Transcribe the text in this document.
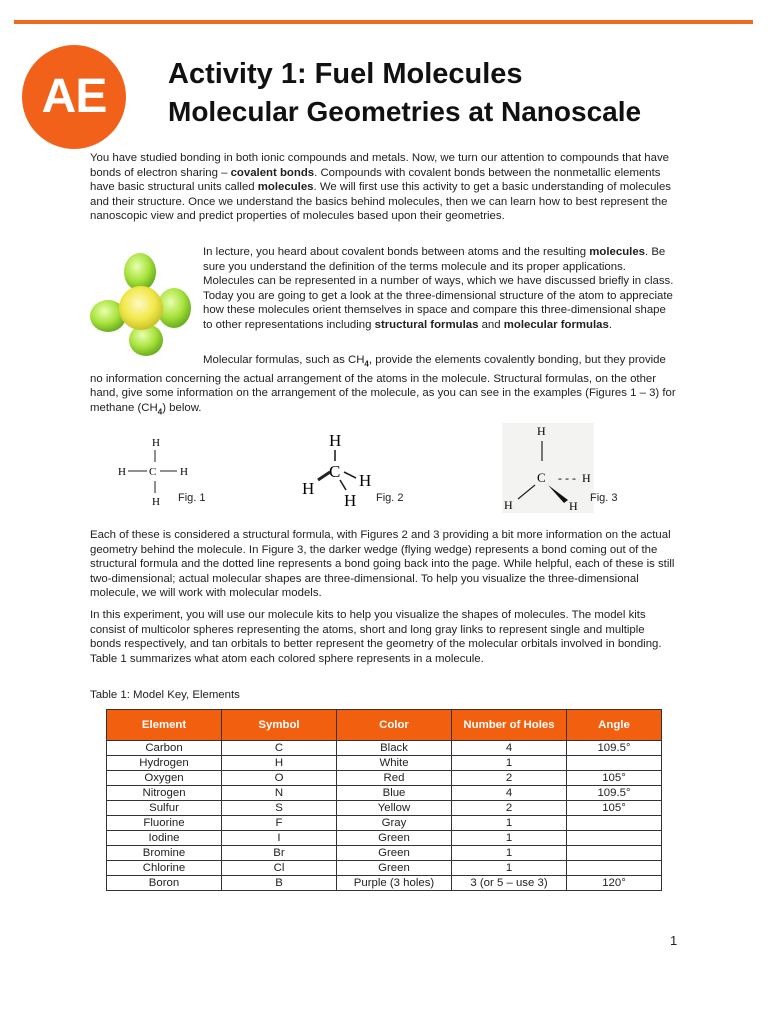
AE	Activity 1: Fuel Molecules
Molecular Geometries at Nanoscale

You have studied bonding in both ionic compounds and metals. Now, we turn our attention to compounds that have bonds of electron sharing – covalent bonds. Compounds with covalent bonds between the nonmetallic elements have basic structural units called molecules. We will first use this activity to get a basic understanding of molecules and their structure. Once we understand the basics behind molecules, then we can learn how to best represent the nanoscopic view and predict properties of molecules based upon their geometries.

In lecture, you heard about covalent bonds between atoms and the resulting molecules. Be sure you understand the definition of the terms molecule and its proper applications. Molecules can be represented in a number of ways, which we have discussed briefly in class. Today you are going to get a look at the three-dimensional structure of the atom to appreciate how these molecules orient themselves in space and compare this three-dimensional shape to other representations including structural formulas and molecular formulas.

Molecular formulas, such as $CH_4$, provide the elements covalently bonding, but they provide no information concerning the actual arrangement of the atoms in the molecule. Structural formulas, on the other hand, give some information on the arrangement of the molecule, as you can see in the examples (Figures 1 – 3) for methane $(CH_4)$ below.

H
H C H
H Fig. 1
H
C
H	H
H Fig. 2
H
C - - - H
H	H
Fig. 3

Each of these is considered a structural formula, with Figures 2 and 3 providing a bit more information on the actual geometry behind the molecule. In Figure 3, the darker wedge (flying wedge) represents a bond coming out of the structural formula and the dotted line represents a bond going back into the page. While helpful, each of these is still two-dimensional; actual molecular shapes are three-dimensional. To help you visualize the three-dimensional molecule, we will work with molecular models.

In this experiment, you will use our molecule kits to help you visualize the shapes of molecules. The model kits consist of multicolor spheres representing the atoms, short and long gray links to represent single and multiple bonds respectively, and tan orbitals to better represent the geometry of the molecular orbitals involved in bonding. Table 1 summarizes what atom each colored sphere represents in a molecule.

Table 1: Model Key, Elements

Element	Symbol	Color	Number of Holes	Angle
Carbon	C	Black	4	109.5°
Hydrogen	H	White	1	
Oxygen	O	Red	2	105°
Nitrogen	N	Blue	4	109.5°
Sulfur	S	Yellow	2	105°
Fluorine	F	Gray	1	
Iodine	I	Green	1	
Bromine	Br	Green	1	
Chlorine	Cl	Green	1	
Boron	B	Purple (3 holes)	3 (or 5 – use 3)	120°
1
